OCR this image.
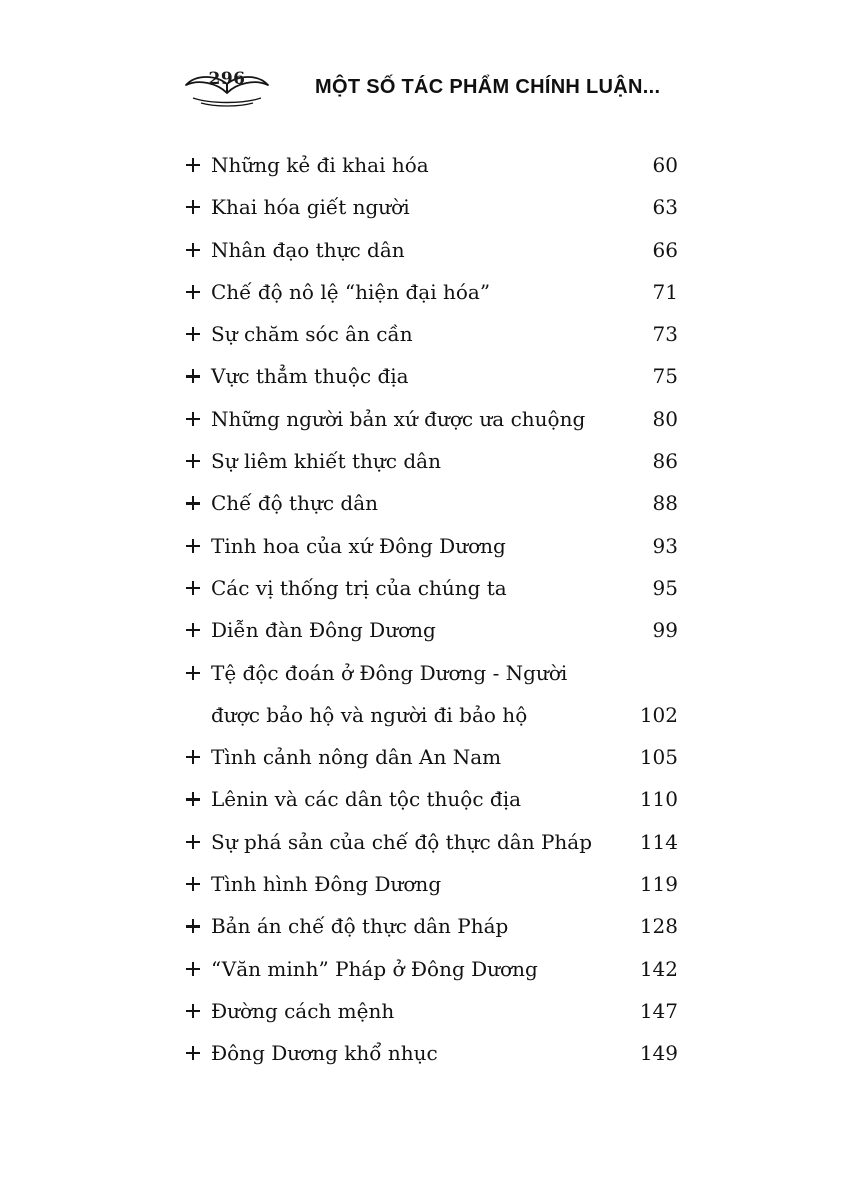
296	MỘT SỐ TÁC PHẨM CHÍNH LUẬN...
Những kẻ đi khai hóa	60
Khai hóa giết người	63
Nhân đạo thực dân	66
Chế độ nô lệ “hiện đại hóa”	71
Sự chăm sóc ân cần	73
Vực thẳm thuộc địa	75
Những người bản xứ được ưa chuộng	80
Sự liêm khiết thực dân	86
Chế độ thực dân	88
Tinh hoa của xứ Đông Dương	93
Các vị thống trị của chúng ta	95
Diễn đàn Đông Dương	99
Tệ độc đoán ở Đông Dương - Người
được bảo hộ và người đi bảo hộ	102
Tình cảnh nông dân An Nam	105
Lênin và các dân tộc thuộc địa	110
Sự phá sản của chế độ thực dân Pháp	114
Tình hình Đông Dương	119
Bản án chế độ thực dân Pháp	128
“Văn minh” Pháp ở Đông Dương	142
Đường cách mệnh	147
Đông Dương khổ nhục	149
